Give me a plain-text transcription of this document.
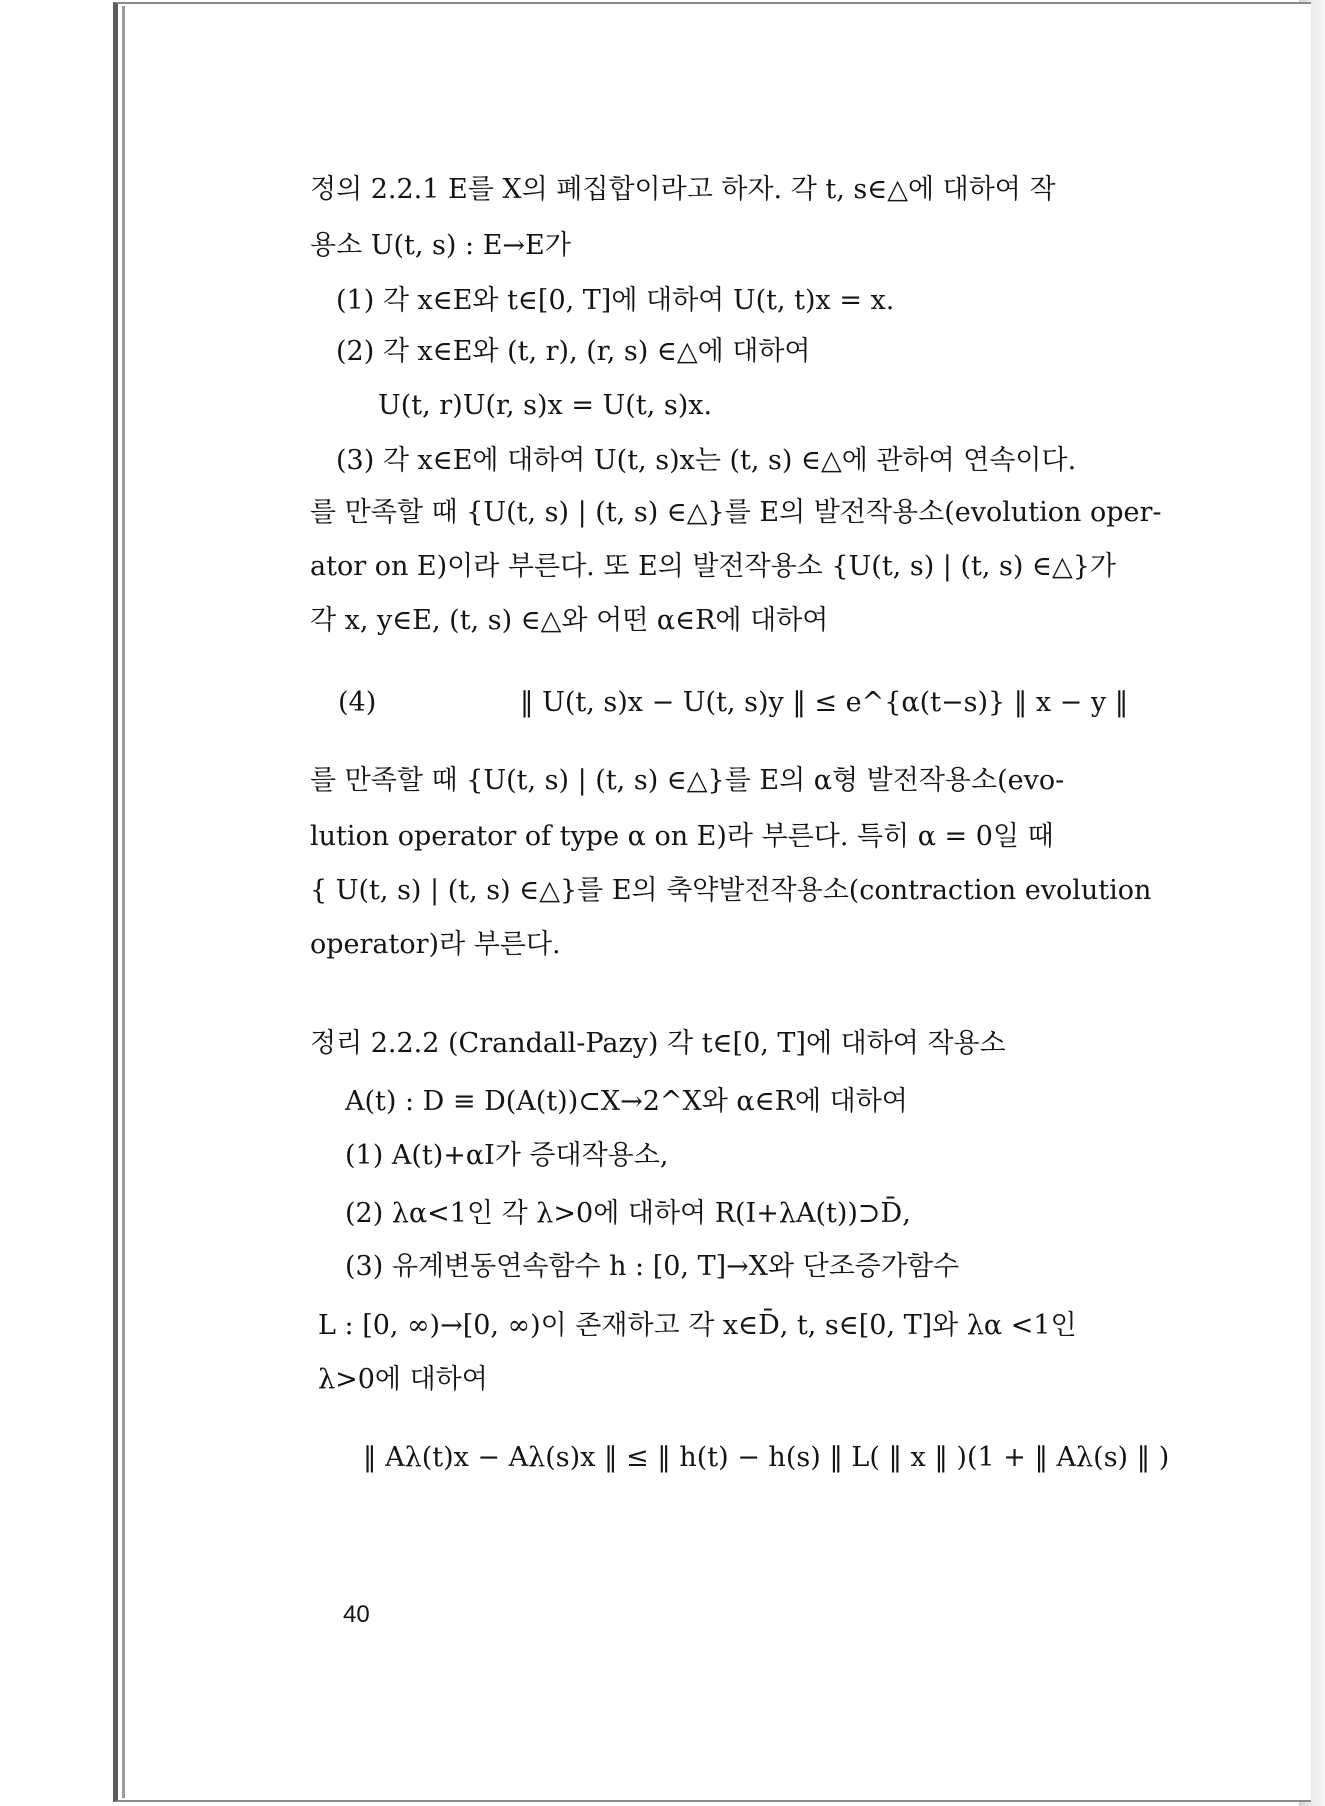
정의 2.2.1 E를 X의 폐집합이라고 하자. 각 t, s∈△에 대하여 작
용소 U(t, s) : E→E가
(1) 각 x∈E와 t∈[0, T]에 대하여 U(t, t)x = x.
(2) 각 x∈E와 (t, r), (r, s) ∈△에 대하여
U(t, r)U(r, s)x = U(t, s)x.
(3) 각 x∈E에 대하여 U(t, s)x는 (t, s) ∈△에 관하여 연속이다.
를 만족할 때 {U(t, s) | (t, s) ∈△}를 E의 발전작용소(evolution oper-
ator on E)이라 부른다. 또 E의 발전작용소 {U(t, s) | (t, s) ∈△}가
각 x, y∈E, (t, s) ∈△와 어떤 α∈R에 대하여
(4)	‖ U(t, s)x − U(t, s)y ‖ ≤ e^{α(t−s)} ‖ x − y ‖
를 만족할 때 {U(t, s) | (t, s) ∈△}를 E의 α형 발전작용소(evo-
lution operator of type α on E)라 부른다. 특히 α = 0일 때
{ U(t, s) | (t, s) ∈△}를 E의 축약발전작용소(contraction evolution
operator)라 부른다.
정리 2.2.2 (Crandall-Pazy) 각 t∈[0, T]에 대하여 작용소
A(t) : D ≡ D(A(t))⊂X→2^X와 α∈R에 대하여
(1) A(t)+αI가 증대작용소,
(2) λα<1인 각 λ>0에 대하여 R(I+λA(t))⊃D̄,
(3) 유계변동연속함수 h : [0, T]→X와 단조증가함수
L : [0, ∞)→[0, ∞)이 존재하고 각 x∈D̄, t, s∈[0, T]와 λα <1인
λ>0에 대하여
‖ Aλ(t)x − Aλ(s)x ‖ ≤ ‖ h(t) − h(s) ‖ L( ‖ x ‖ )(1 + ‖ Aλ(s) ‖ )
40
